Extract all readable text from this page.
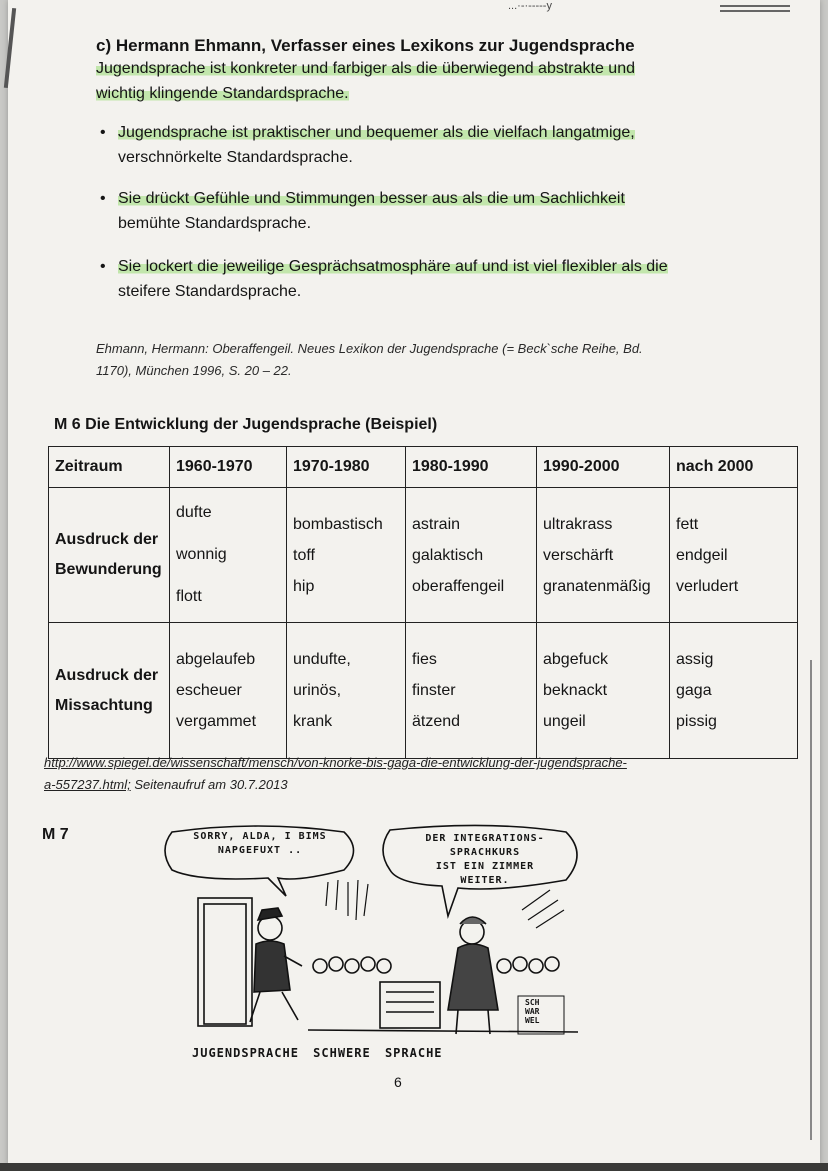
...·-·-----y
c) Hermann Ehmann, Verfasser eines Lexikons zur Jugendsprache
Jugendsprache ist konkreter und farbiger als die überwiegend abstrakte und
wichtig klingende Standardsprache.
• Jugendsprache ist praktischer und bequemer als die vielfach langatmige,
verschnörkelte Standardsprache.
• Sie drückt Gefühle und Stimmungen besser aus als die um Sachlichkeit
bemühte Standardsprache.
• Sie lockert die jeweilige Gesprächsatmosphäre auf und ist viel flexibler als die
steifere Standardsprache.
Ehmann, Hermann: Oberaffengeil. Neues Lexikon der Jugendsprache (= Beck`sche Reihe, Bd.
1170), München 1996, S. 20 – 22.
M 6 Die Entwicklung der Jugendsprache (Beispiel)
Zeitraum	1960-1970	1970-1980	1980-1990	1990-2000	nach 2000
Ausdruck der
Bewunderung	dufte
wonnig
flott	bombastisch
toff
hip	astrain
galaktisch
oberaffengeil	ultrakrass
verschärft
granatenmäßig	fett
endgeil
verludert

Ausdruck der
Missachtung	abgelaufeb
escheuer
vergammet	undufte,
urinös,
krank	fies
finster
ätzend	abgefuck
beknackt
ungeil	assig
gaga
pissig
http://www.spiegel.de/wissenschaft/mensch/von-knorke-bis-gaga-die-entwicklung-der-jugendsprache-
a-557237.html; Seitenaufruf am 30.7.2013
M 7	SORRY, ALDA, I BIMS
NAPGEFUXT ..
DER INTEGRATIONS-
SPRACHKURS
IST EIN ZIMMER
WEITER.
SCH
WAR
WEL
JUGENDSPRACHE SCHWERE SPRACHE
6
